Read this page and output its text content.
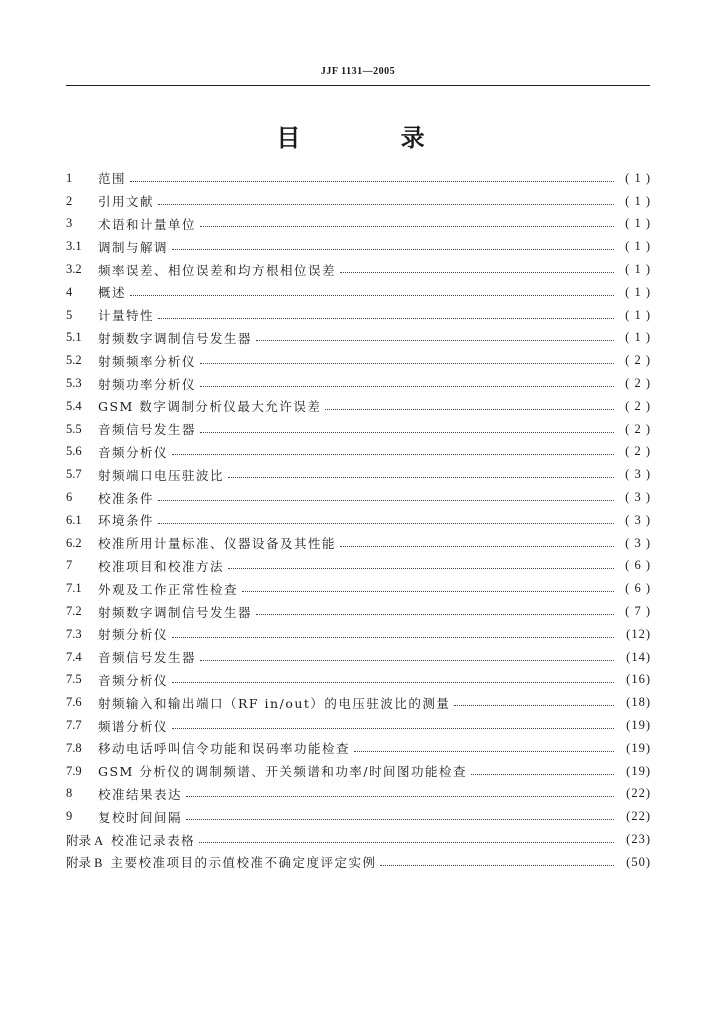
JJF 1131—2005
目 录
1	范围	( 1 )
2	引用文献	( 1 )
3	术语和计量单位	( 1 )
3.1	调制与解调	( 1 )
3.2	频率误差、相位误差和均方根相位误差	( 1 )
4	概述	( 1 )
5	计量特性	( 1 )
5.1	射频数字调制信号发生器	( 1 )
5.2	射频频率分析仪	( 2 )
5.3	射频功率分析仪	( 2 )
5.4	GSM 数字调制分析仪最大允许误差	( 2 )
5.5	音频信号发生器	( 2 )
5.6	音频分析仪	( 2 )
5.7	射频端口电压驻波比	( 3 )
6	校准条件	( 3 )
6.1	环境条件	( 3 )
6.2	校准所用计量标准、仪器设备及其性能	( 3 )
7	校准项目和校准方法	( 6 )
7.1	外观及工作正常性检查	( 6 )
7.2	射频数字调制信号发生器	( 7 )
7.3	射频分析仪	(12)
7.4	音频信号发生器	(14)
7.5	音频分析仪	(16)
7.6	射频输入和输出端口（RF in/out）的电压驻波比的测量	(18)
7.7	频谱分析仪	(19)
7.8	移动电话呼叫信令功能和误码率功能检查	(19)
7.9	GSM 分析仪的调制频谱、开关频谱和功率/时间图功能检查	(19)
8	校准结果表达	(22)
9	复校时间间隔	(22)
附录 A 校准记录表格	(23)
附录 B 主要校准项目的示值校准不确定度评定实例	(50)
